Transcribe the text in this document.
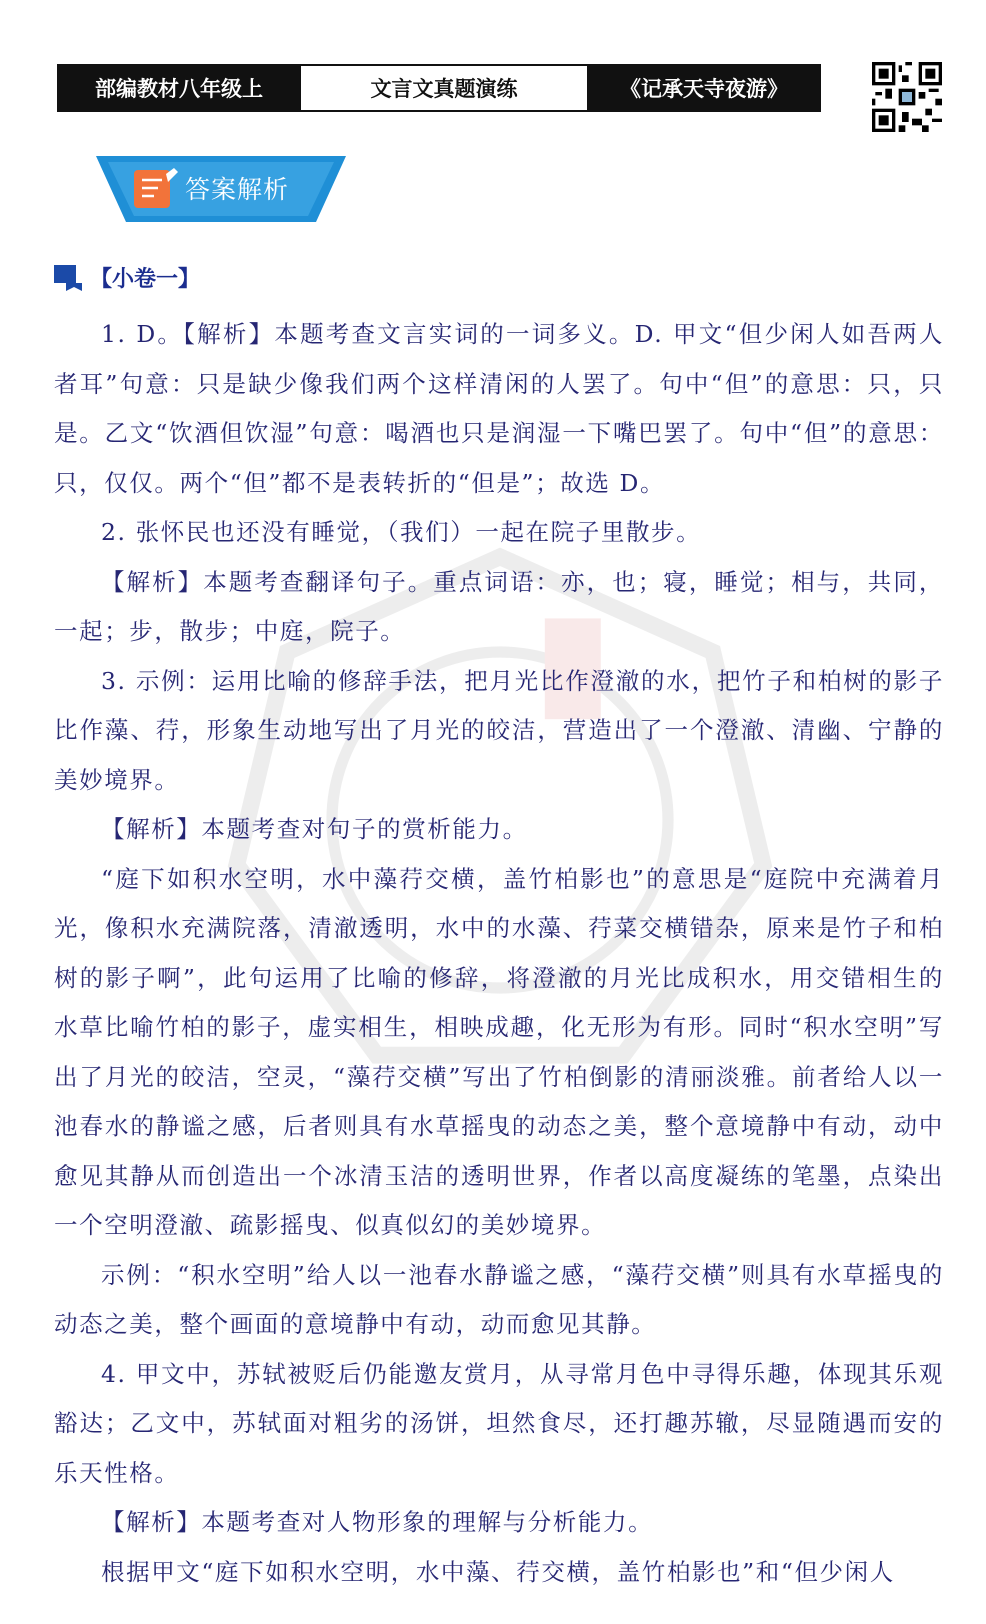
部编教材八年级上	文言文真题演练	《记承天寺夜游》
答案解析
【小卷一】

1. D。【解析】本题考查文言实词的一词多义。D. 甲文“但少闲人如吾两人者耳”句意：只是缺少像我们两个这样清闲的人罢了。句中“但”的意思：只，只是。乙文“饮酒但饮湿”句意：喝酒也只是润湿一下嘴巴罢了。句中“但”的意思：只，仅仅。两个“但”都不是表转折的“但是”；故选 D。

2. 张怀民也还没有睡觉，（我们）一起在院子里散步。

【解析】本题考查翻译句子。重点词语：亦，也；寝，睡觉；相与，共同，一起；步，散步；中庭，院子。

3. 示例：运用比喻的修辞手法，把月光比作澄澈的水，把竹子和柏树的影子比作藻、荇，形象生动地写出了月光的皎洁，营造出了一个澄澈、清幽、宁静的美妙境界。

【解析】本题考查对句子的赏析能力。

“庭下如积水空明，水中藻荇交横，盖竹柏影也”的意思是“庭院中充满着月光，像积水充满院落，清澈透明，水中的水藻、荇菜交横错杂，原来是竹子和柏树的影子啊”，此句运用了比喻的修辞，将澄澈的月光比成积水，用交错相生的水草比喻竹柏的影子，虚实相生，相映成趣，化无形为有形。同时“积水空明”写出了月光的皎洁，空灵，“藻荇交横”写出了竹柏倒影的清丽淡雅。前者给人以一池春水的静谧之感，后者则具有水草摇曳的动态之美，整个意境静中有动，动中愈见其静从而创造出一个冰清玉洁的透明世界，作者以高度凝练的笔墨，点染出一个空明澄澈、疏影摇曳、似真似幻的美妙境界。

示例：“积水空明”给人以一池春水静谧之感，“藻荇交横”则具有水草摇曳的动态之美，整个画面的意境静中有动，动而愈见其静。

4. 甲文中，苏轼被贬后仍能邀友赏月，从寻常月色中寻得乐趣，体现其乐观豁达；乙文中，苏轼面对粗劣的汤饼，坦然食尽，还打趣苏辙，尽显随遇而安的乐天性格。

【解析】本题考查对人物形象的理解与分析能力。

根据甲文“庭下如积水空明，水中藻、荇交横，盖竹柏影也”和“但少闲人
